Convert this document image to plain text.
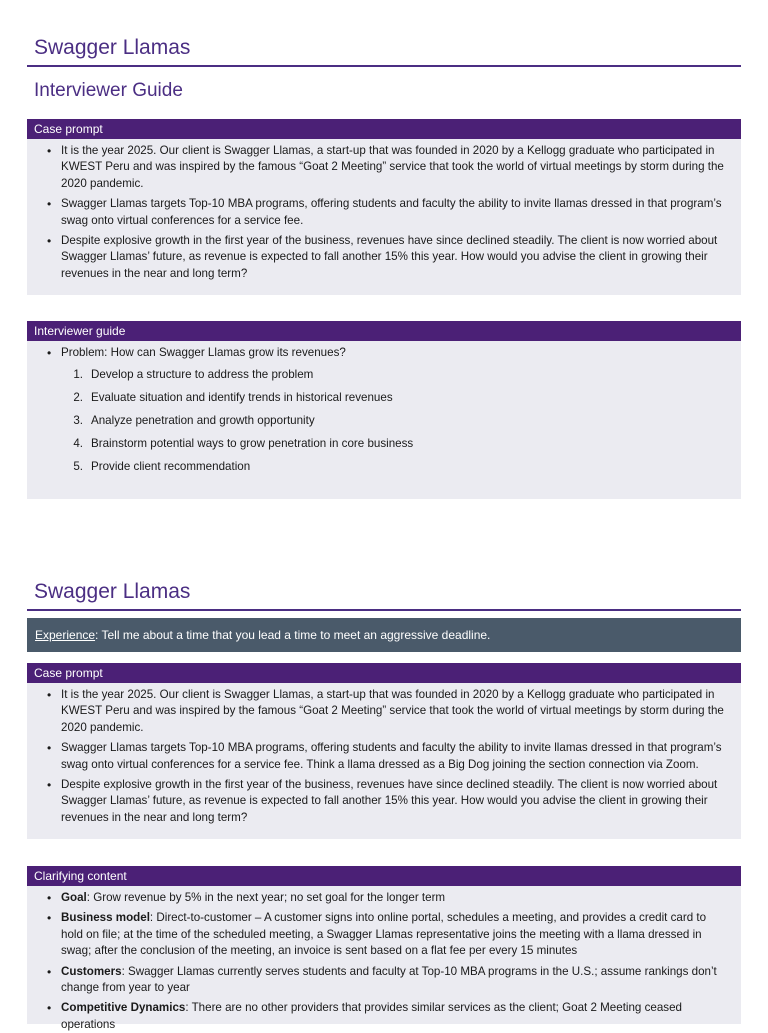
Swagger Llamas
Interviewer Guide
Case prompt
• It is the year 2025. Our client is Swagger Llamas, a start-up that was founded in 2020 by a Kellogg graduate who participated in KWEST Peru and was inspired by the famous “Goat 2 Meeting” service that took the world of virtual meetings by storm during the 2020 pandemic.
• Swagger Llamas targets Top-10 MBA programs, offering students and faculty the ability to invite llamas dressed in that program’s swag onto virtual conferences for a service fee.
• Despite explosive growth in the first year of the business, revenues have since declined steadily. The client is now worried about Swagger Llamas’ future, as revenue is expected to fall another 15% this year. How would you advise the client in growing their revenues in the near and long term?
Interviewer guide
• Problem: How can Swagger Llamas grow its revenues?
1. Develop a structure to address the problem
2. Evaluate situation and identify trends in historical revenues
3. Analyze penetration and growth opportunity
4. Brainstorm potential ways to grow penetration in core business
5. Provide client recommendation
Swagger Llamas
Experience: Tell me about a time that you lead a time to meet an aggressive deadline.
Case prompt
• It is the year 2025. Our client is Swagger Llamas, a start-up that was founded in 2020 by a Kellogg graduate who participated in KWEST Peru and was inspired by the famous “Goat 2 Meeting” service that took the world of virtual meetings by storm during the 2020 pandemic.
• Swagger Llamas targets Top-10 MBA programs, offering students and faculty the ability to invite llamas dressed in that program’s swag onto virtual conferences for a service fee. Think a llama dressed as a Big Dog joining the section connection via Zoom.
• Despite explosive growth in the first year of the business, revenues have since declined steadily. The client is now worried about Swagger Llamas’ future, as revenue is expected to fall another 15% this year. How would you advise the client in growing their revenues in the near and long term?
Clarifying content
• Goal: Grow revenue by 5% in the next year; no set goal for the longer term
• Business model: Direct-to-customer – A customer signs into online portal, schedules a meeting, and provides a credit card to hold on file; at the time of the scheduled meeting, a Swagger Llamas representative joins the meeting with a llama dressed in swag; after the conclusion of the meeting, an invoice is sent based on a flat fee per every 15 minutes
• Customers: Swagger Llamas currently serves students and faculty at Top-10 MBA programs in the U.S.; assume rankings don’t change from year to year
• Competitive Dynamics: There are no other providers that provides similar services as the client; Goat 2 Meeting ceased operations
